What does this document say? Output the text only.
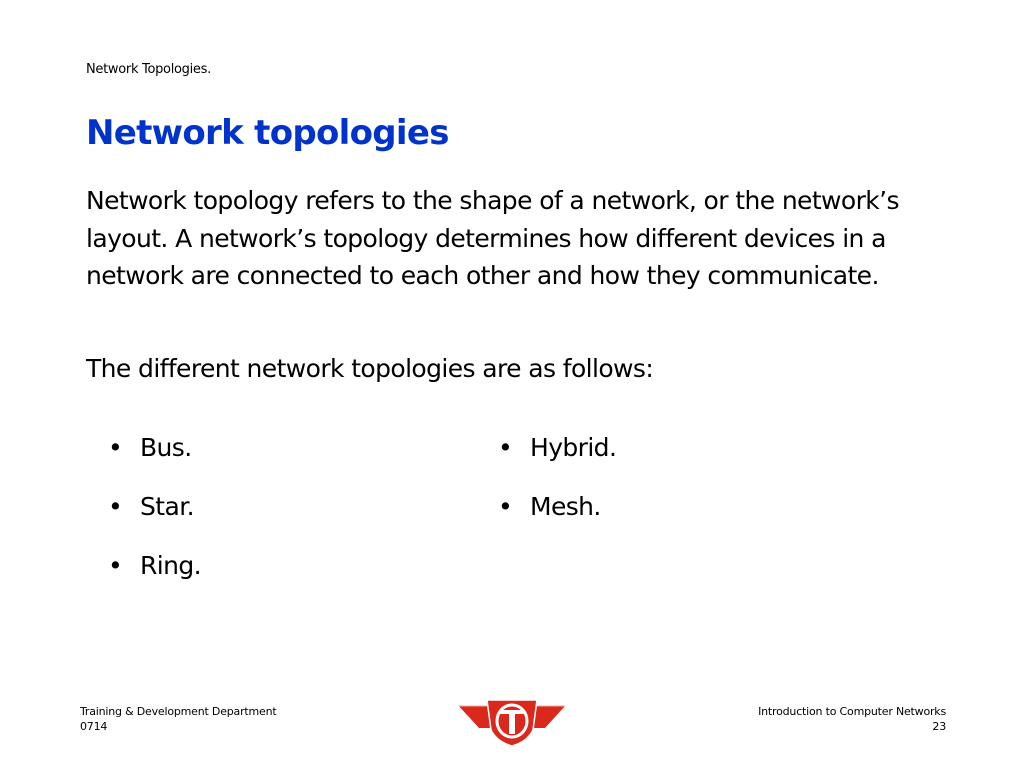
Network Topologies.
Network topologies

Network topology refers to the shape of a network, or the network’s layout. A network’s topology determines how different devices in a network are connected to each other and how they communicate.

The different network topologies are as follows:

• Bus.
• Star.
• Ring.
• Hybrid.
• Mesh.
Training & Development Department
0714
Introduction to Computer Networks
23
